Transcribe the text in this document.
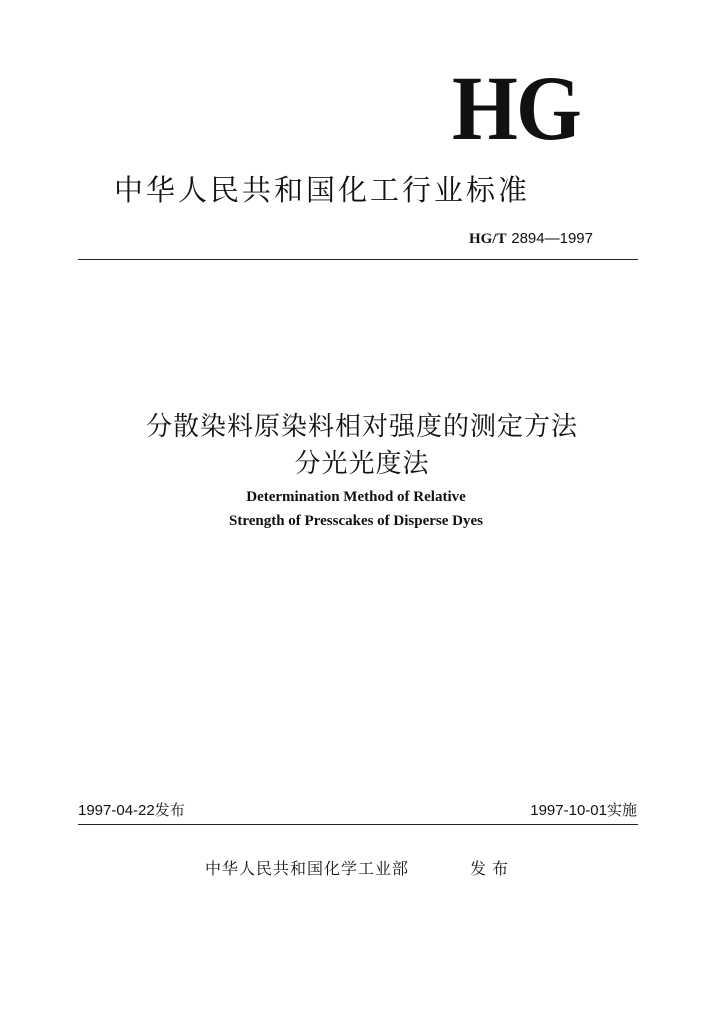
HG
中华人民共和国化工行业标准
HG/T 2894—1997
分散染料原染料相对强度的测定方法
分光光度法
Determination Method of Relative
Strength of Presscakes of Disperse Dyes
1997-04-22发布	1997-10-01实施
中华人民共和国化学工业部	发布
